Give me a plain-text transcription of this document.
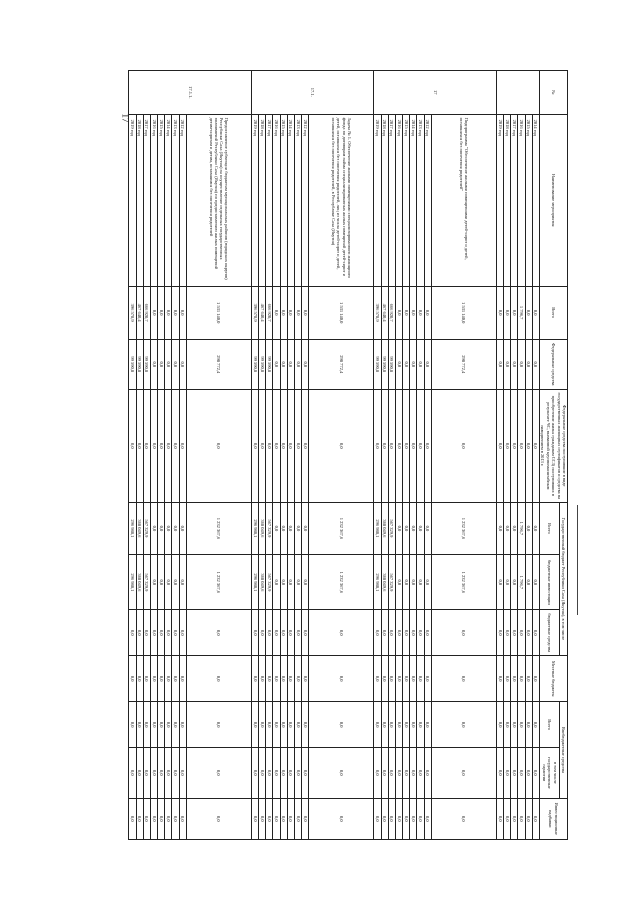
17
№	Наименование мероприятия	Всего	Федеральные средства	Федеральные средства поступившие в виде государственных жилищных сертификатов и средства на приобретение жилья гражданам ССЗ) поступивших в результате ЧС, вызванной крупномасштабным наводнением в 2013 г.	Государственный бюджет Республики Саха (Якутия), в том числе			Местные бюджеты	Внебюджетные средства		Инвестиционные надбавки
					Всего	бюджетные инвестиции	бюджетные средства		Всего	в том числе государственные гарантии	
	2014 год	0,0	0,0	0,0	0,0	0,0	0,0	0,0	0,0	0,0	0,0
	2015 год	0,0	0,0	0,0	0,0	0,0	0,0	0,0	0,0	0,0	0,0
	2016 год	1 796,7	0,0	0,0	1 796,7	1 796,7	0,0	0,0	0,0	0,0	0,0
	2017 год	0,0	0,0	0,0	0,0	0,0	0,0	0,0	0,0	0,0	0,0
	2018 год	0,0	0,0	0,0	0,0	0,0	0,0	0,0	0,0	0,0	0,0
	2019 год	0,0	0,0	0,0	0,0	0,0	0,0	0,0	0,0	0,0	0,0
17	Подпрограмма "Обеспечение жилыми помещениями детей-сирот и детей, оставшихся без попечения родителей"	1 531 140,0	298 772,4	0,0	1 232 367,6	1 232 367,6	0,0	0,0	0,0	0,0	0,0
	2012 год	0,0	0,0	0,0	0,0	0,0	0,0	0,0	0,0	0,0	0,0
	2013 год	0,0	0,0	0,0	0,0	0,0	0,0	0,0	0,0	0,0	0,0
	2014 год	0,0	0,0	0,0	0,0	0,0	0,0	0,0	0,0	0,0	0,0
	2015 год	0,0	0,0	0,0	0,0	0,0	0,0	0,0	0,0	0,0	0,0
	2016 год	0,0	0,0	0,0	0,0	0,0	0,0	0,0	0,0	0,0	0,0
	2017 год	666 920,7	99 590,8	0,0	567 329,9	567 329,9	0,0	0,0	0,0	0,0	0,0
	2018 год	467 640,4	99 590,8	0,0	368 049,6	368 049,6	0,0	0,0	0,0	0,0	0,0
	2019 год	396 578,9	99 590,8	0,0	296 988,1	296 988,1	0,0	0,0	0,0	0,0	0,0
17.1.	Задача № 1. Обеспечение жилыми помещениями специализированного жилищного фонда по договорам найма специализированных жилых помещений детей-сирот и детей, оставшихся без попечения родителей, лиц из числа детей-сирот и детей, оставшихся без попечения родителей, в Республике Саха (Якутия)	1 531 140,0	298 772,4	0,0	1 232 367,6	1 232 367,6	0,0	0,0	0,0	0,0	0,0
	2012 год	0,0	0,0	0,0	0,0	0,0	0,0	0,0	0,0	0,0	0,0
	2013 год	0,0	0,0	0,0	0,0	0,0	0,0	0,0	0,0	0,0	0,0
	2014 год	0,0	0,0	0,0	0,0	0,0	0,0	0,0	0,0	0,0	0,0
	2015 год	0,0	0,0	0,0	0,0	0,0	0,0	0,0	0,0	0,0	0,0
	2016 год	0,0	0,0	0,0	0,0	0,0	0,0	0,0	0,0	0,0	0,0
	2017 год	666 920,7	99 590,8	0,0	567 329,9	567 329,9	0,0	0,0	0,0	0,0	0,0
	2018 год	467 640,4	99 590,8	0,0	368 049,6	368 049,6	0,0	0,0	0,0	0,0	0,0
	2019 год	396 578,9	99 590,8	0,0	296 988,1	296 988,1	0,0	0,0	0,0	0,0	0,0
17.1.1.	Предоставление субвенции бюджетам муниципальных районов (городских округов) Республики Саха (Якутия) на осуществление отдельных государственных полномочий Республики Саха (Якутия) по предоставлению жилых помещений детям-сиротам и детям, оставшимся без попечения родителей	1 531 140,0	298 772,4	0,0	1 232 367,6	1 232 367,6	0,0	0,0	0,0	0,0	0,0
	2012 год	0,0	0,0	0,0	0,0	0,0	0,0	0,0	0,0	0,0	0,0
	2013 год	0,0	0,0	0,0	0,0	0,0	0,0	0,0	0,0	0,0	0,0
	2014 год	0,0	0,0	0,0	0,0	0,0	0,0	0,0	0,0	0,0	0,0
	2015 год	0,0	0,0	0,0	0,0	0,0	0,0	0,0	0,0	0,0	0,0
	2016 год	0,0	0,0	0,0	0,0	0,0	0,0	0,0	0,0	0,0	0,0
	2017 год	666 920,7	99 590,8	0,0	567 329,9	567 329,9	0,0	0,0	0,0	0,0	0,0
	2018 год	467 640,4	99 590,8	0,0	368 049,6	368 049,6	0,0	0,0	0,0	0,0	0,0
	2019 год	396 578,9	99 590,8	0,0	296 988,1	296 988,1	0,0	0,0	0,0	0,0	0,0
